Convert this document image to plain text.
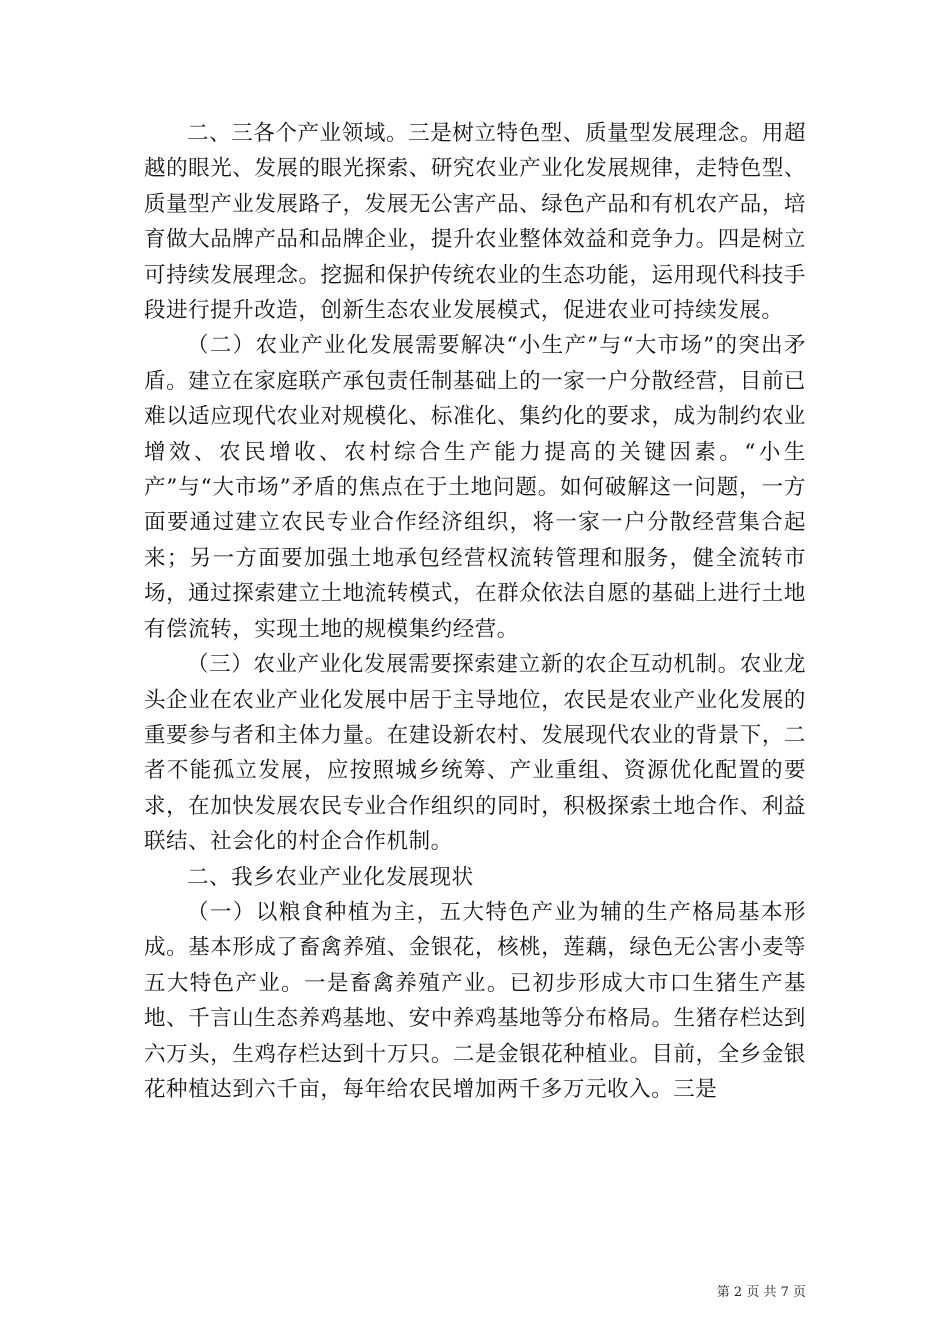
二、三各个产业领域。三是树立特色型、质量型发展理念。用超越的眼光、发展的眼光探索、研究农业产业化发展规律，走特色型、质量型产业发展路子，发展无公害产品、绿色产品和有机农产品，培育做大品牌产品和品牌企业，提升农业整体效益和竞争力。四是树立可持续发展理念。挖掘和保护传统农业的生态功能，运用现代科技手段进行提升改造，创新生态农业发展模式，促进农业可持续发展。

（二）农业产业化发展需要解决“小生产”与“大市场”的突出矛盾。建立在家庭联产承包责任制基础上的一家一户分散经营，目前已难以适应现代农业对规模化、标准化、集约化的要求，成为制约农业增效、农民增收、农村综合生产能力提高的关键因素。“小生产”与“大市场”矛盾的焦点在于土地问题。如何破解这一问题，一方面要通过建立农民专业合作经济组织，将一家一户分散经营集合起来；另一方面要加强土地承包经营权流转管理和服务，健全流转市场，通过探索建立土地流转模式，在群众依法自愿的基础上进行土地有偿流转，实现土地的规模集约经营。

（三）农业产业化发展需要探索建立新的农企互动机制。农业龙头企业在农业产业化发展中居于主导地位，农民是农业产业化发展的重要参与者和主体力量。在建设新农村、发展现代农业的背景下，二者不能孤立发展，应按照城乡统筹、产业重组、资源优化配置的要求，在加快发展农民专业合作组织的同时，积极探索土地合作、利益联结、社会化的村企合作机制。

二、我乡农业产业化发展现状

（一）以粮食种植为主，五大特色产业为辅的生产格局基本形成。基本形成了畜禽养殖、金银花，核桃，莲藕，绿色无公害小麦等五大特色产业。一是畜禽养殖产业。已初步形成大市口生猪生产基地、千言山生态养鸡基地、安中养鸡基地等分布格局。生猪存栏达到六万头，生鸡存栏达到十万只。二是金银花种植业。目前，全乡金银花种植达到六千亩，每年给农民增加两千多万元收入。三是

第 2 页 共 7 页
